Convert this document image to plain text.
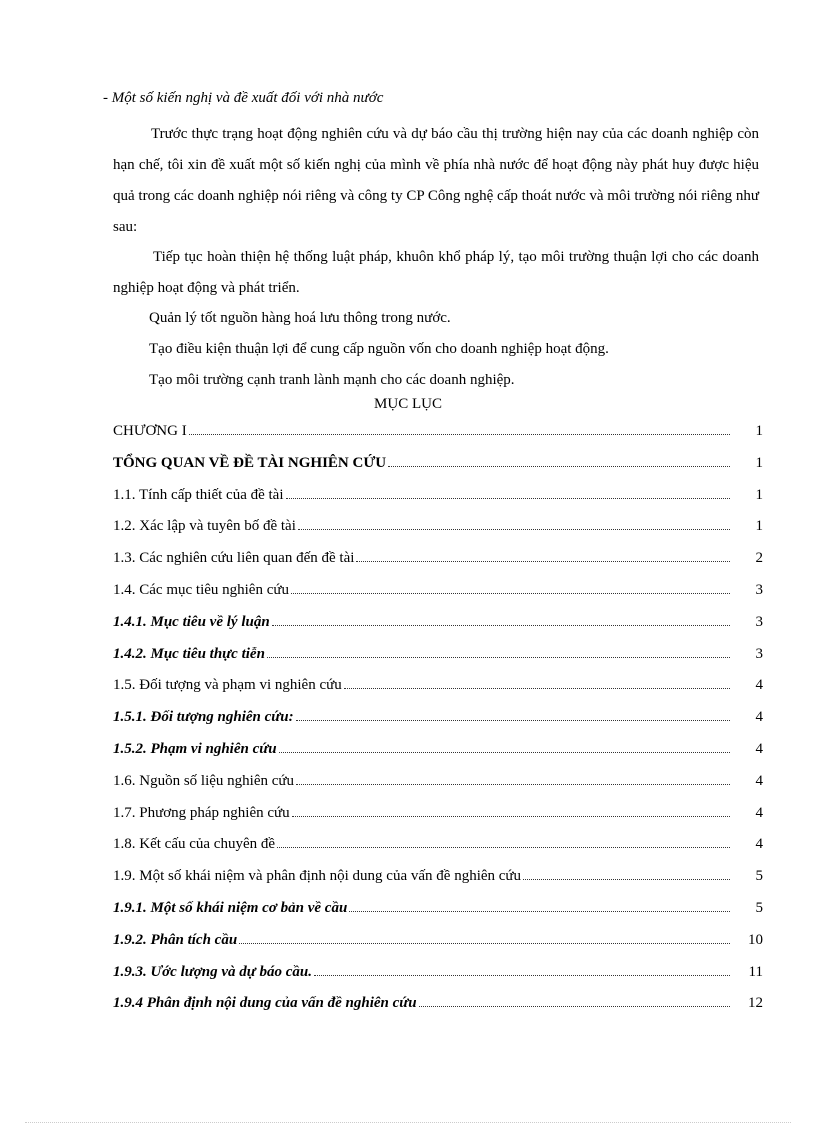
- Một số kiến nghị và đề xuất đối với nhà nước
Trước thực trạng hoạt động nghiên cứu và dự báo cầu thị trường hiện nay của các doanh nghiệp còn hạn chế, tôi xin đề xuất một số kiến nghị của mình về phía nhà nước để hoạt động này phát huy được hiệu quả trong các doanh nghiệp nói riêng và công ty CP Công nghệ cấp thoát nước và môi trường nói riêng như sau:
Tiếp tục hoàn thiện hệ thống luật pháp, khuôn khổ pháp lý, tạo môi trường thuận lợi cho các doanh nghiệp hoạt động và phát triển.
Quản lý tốt nguồn hàng hoá lưu thông trong nước.
Tạo điều kiện thuận lợi để cung cấp nguồn vốn cho doanh nghiệp hoạt động.
Tạo môi trường cạnh tranh lành mạnh cho các doanh nghiệp.
MỤC LỤC
CHƯƠNG I	1
TỔNG QUAN VỀ ĐỀ TÀI NGHIÊN CỨU	1
1.1. Tính cấp thiết của đề tài	1
1.2. Xác lập và tuyên bố đề tài	1
1.3. Các nghiên cứu liên quan đến đề tài	2
1.4. Các mục tiêu nghiên cứu	3
1.4.1. Mục tiêu về lý luận	3
1.4.2. Mục tiêu thực tiễn	3
1.5. Đối tượng và phạm vi nghiên cứu	4
1.5.1. Đối tượng nghiên cứu:	4
1.5.2. Phạm vi nghiên cứu	4
1.6. Nguồn số liệu nghiên cứu	4
1.7. Phương pháp nghiên cứu	4
1.8. Kết cấu của chuyên đề	4
1.9. Một số khái niệm và phân định nội dung của vấn đề nghiên cứu	5
1.9.1. Một số khái niệm cơ bản về cầu	5
1.9.2. Phân tích cầu	10
1.9.3. Ước lượng và dự báo cầu.	11
1.9.4 Phân định nội dung của vấn đề nghiên cứu	12
